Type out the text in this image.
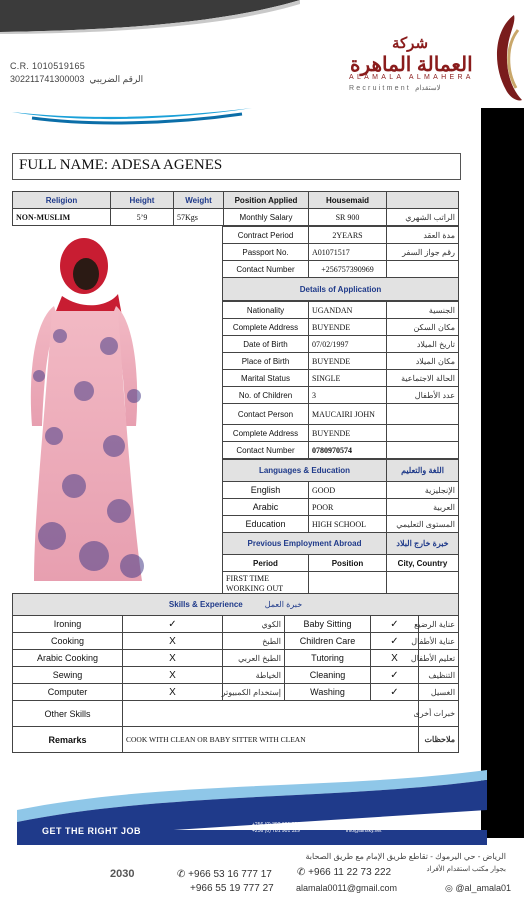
C.R. 1010519165
302211741300003 الرقم الضريبي
شركة
العمالة الماهرة
ALAMALA ALMAHERA
Recruitment لاستقدام
FULL NAME: ADESA AGENES
Religion	Height	Weight	Position Applied	Housemaid	
NON-MUSLIM	5’9	57Kgs	Monthly Salary	SR 900	الراتب الشهري
Contract Period	2YEARS	مدة العقد
Passport No.	A01071517	رقم جواز السفر
Contact Number	+256757390969	
Details of Application		
Nationality	UGANDAN	الجنسية
Complete Address	BUYENDE	مكان السكن
Date of Birth	07/02/1997	تاريخ الميلاد
Place of Birth	BUYENDE	مكان الميلاد
Marital Status	SINGLE	الحالة الاجتماعية
No. of Children	3	عدد الأطفال
Contact Person	MAUCAIRI JOHN	
Complete Address	BUYENDE	
Contact Number	0780970574	
Languages & Education		اللغة والتعليم
English	GOOD	الإنجليزية
Arabic	POOR	العربية
Education	HIGH SCHOOL	المستوى التعليمي
Previous Employment Abroad		خبرة خارج البلاد
Period	Position	City, Country
FIRST TIME WORKING OUT		
Skills & Experience خبرة العمل					
Ironing	✓	الكوي	Baby Sitting	✓	عناية الرضيع
Cooking	X	الطبخ	Children Care	✓	عناية الأطفال
Arabic Cooking	X	الطبخ العربي	Tutoring	X	تعليم الأطفال
Sewing	X	الخياطة	Cleaning	✓	التنظيف
Computer	X	إستخدام الكمبيوتر	Washing	✓	الغسيل
Other Skills					خبرات أخرى
Remarks	COOK WITH CLEAN OR BABY SITTER WITH CLEAN				ملاحظات
GET THE RIGHT JOB
+256 (0) 392 001 959
+256 (0) 781 901 329
Plot 521, Wataate Road, Kisaasi, Kyanja
info@afrisky.net
الرياض - حي اليرموك - تقاطع طريق الإمام مع طريق الصحابة
بجوار مكتب استقدام الأفراد
2030	✆ +966 53 16 777 17
+966 55 19 777 27
✆ +966 11 22 73 222
alamala0011@gmail.com	◎ @al_amala01
